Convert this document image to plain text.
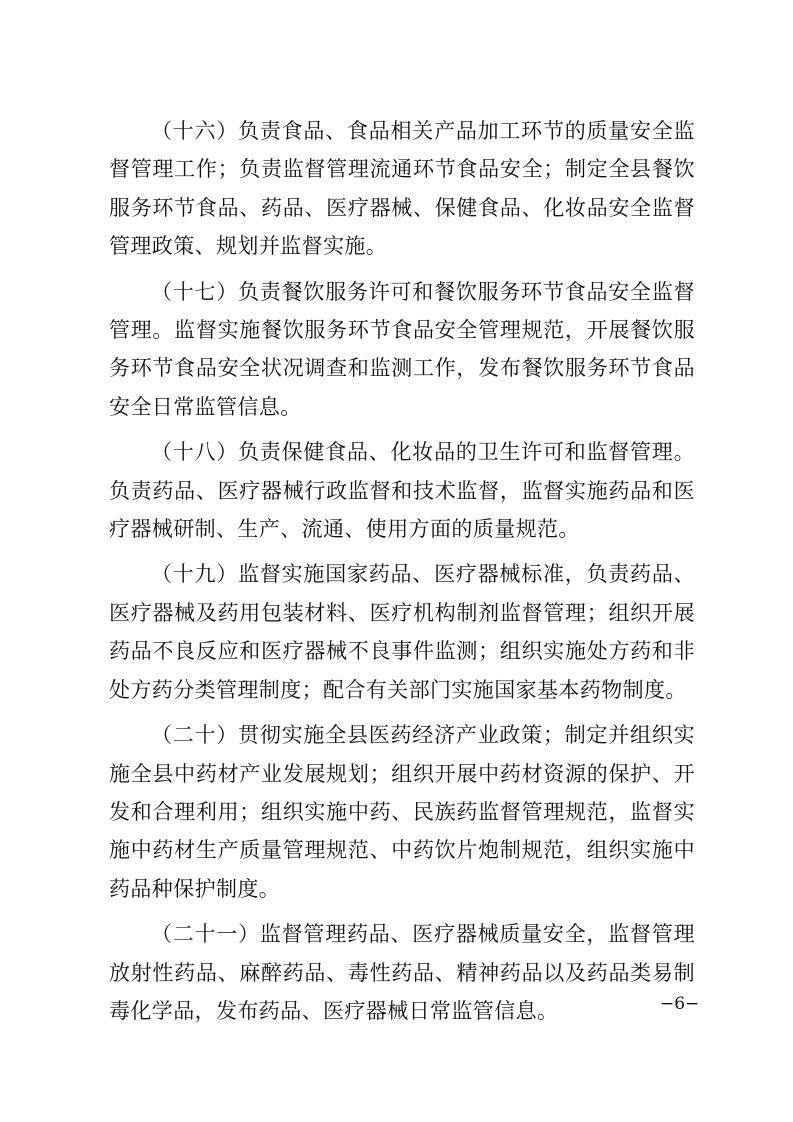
（十六）负责食品、食品相关产品加工环节的质量安全监督管理工作；负责监督管理流通环节食品安全；制定全县餐饮服务环节食品、药品、医疗器械、保健食品、化妆品安全监督管理政策、规划并监督实施。

（十七）负责餐饮服务许可和餐饮服务环节食品安全监督管理。监督实施餐饮服务环节食品安全管理规范，开展餐饮服务环节食品安全状况调查和监测工作，发布餐饮服务环节食品安全日常监管信息。

（十八）负责保健食品、化妆品的卫生许可和监督管理。负责药品、医疗器械行政监督和技术监督，监督实施药品和医疗器械研制、生产、流通、使用方面的质量规范。

（十九）监督实施国家药品、医疗器械标准，负责药品、医疗器械及药用包装材料、医疗机构制剂监督管理；组织开展药品不良反应和医疗器械不良事件监测；组织实施处方药和非处方药分类管理制度；配合有关部门实施国家基本药物制度。

（二十）贯彻实施全县医药经济产业政策；制定并组织实施全县中药材产业发展规划；组织开展中药材资源的保护、开发和合理利用；组织实施中药、民族药监督管理规范，监督实施中药材生产质量管理规范、中药饮片炮制规范，组织实施中药品种保护制度。

（二十一）监督管理药品、医疗器械质量安全，监督管理放射性药品、麻醉药品、毒性药品、精神药品以及药品类易制毒化学品，发布药品、医疗器械日常监管信息。	−6−
